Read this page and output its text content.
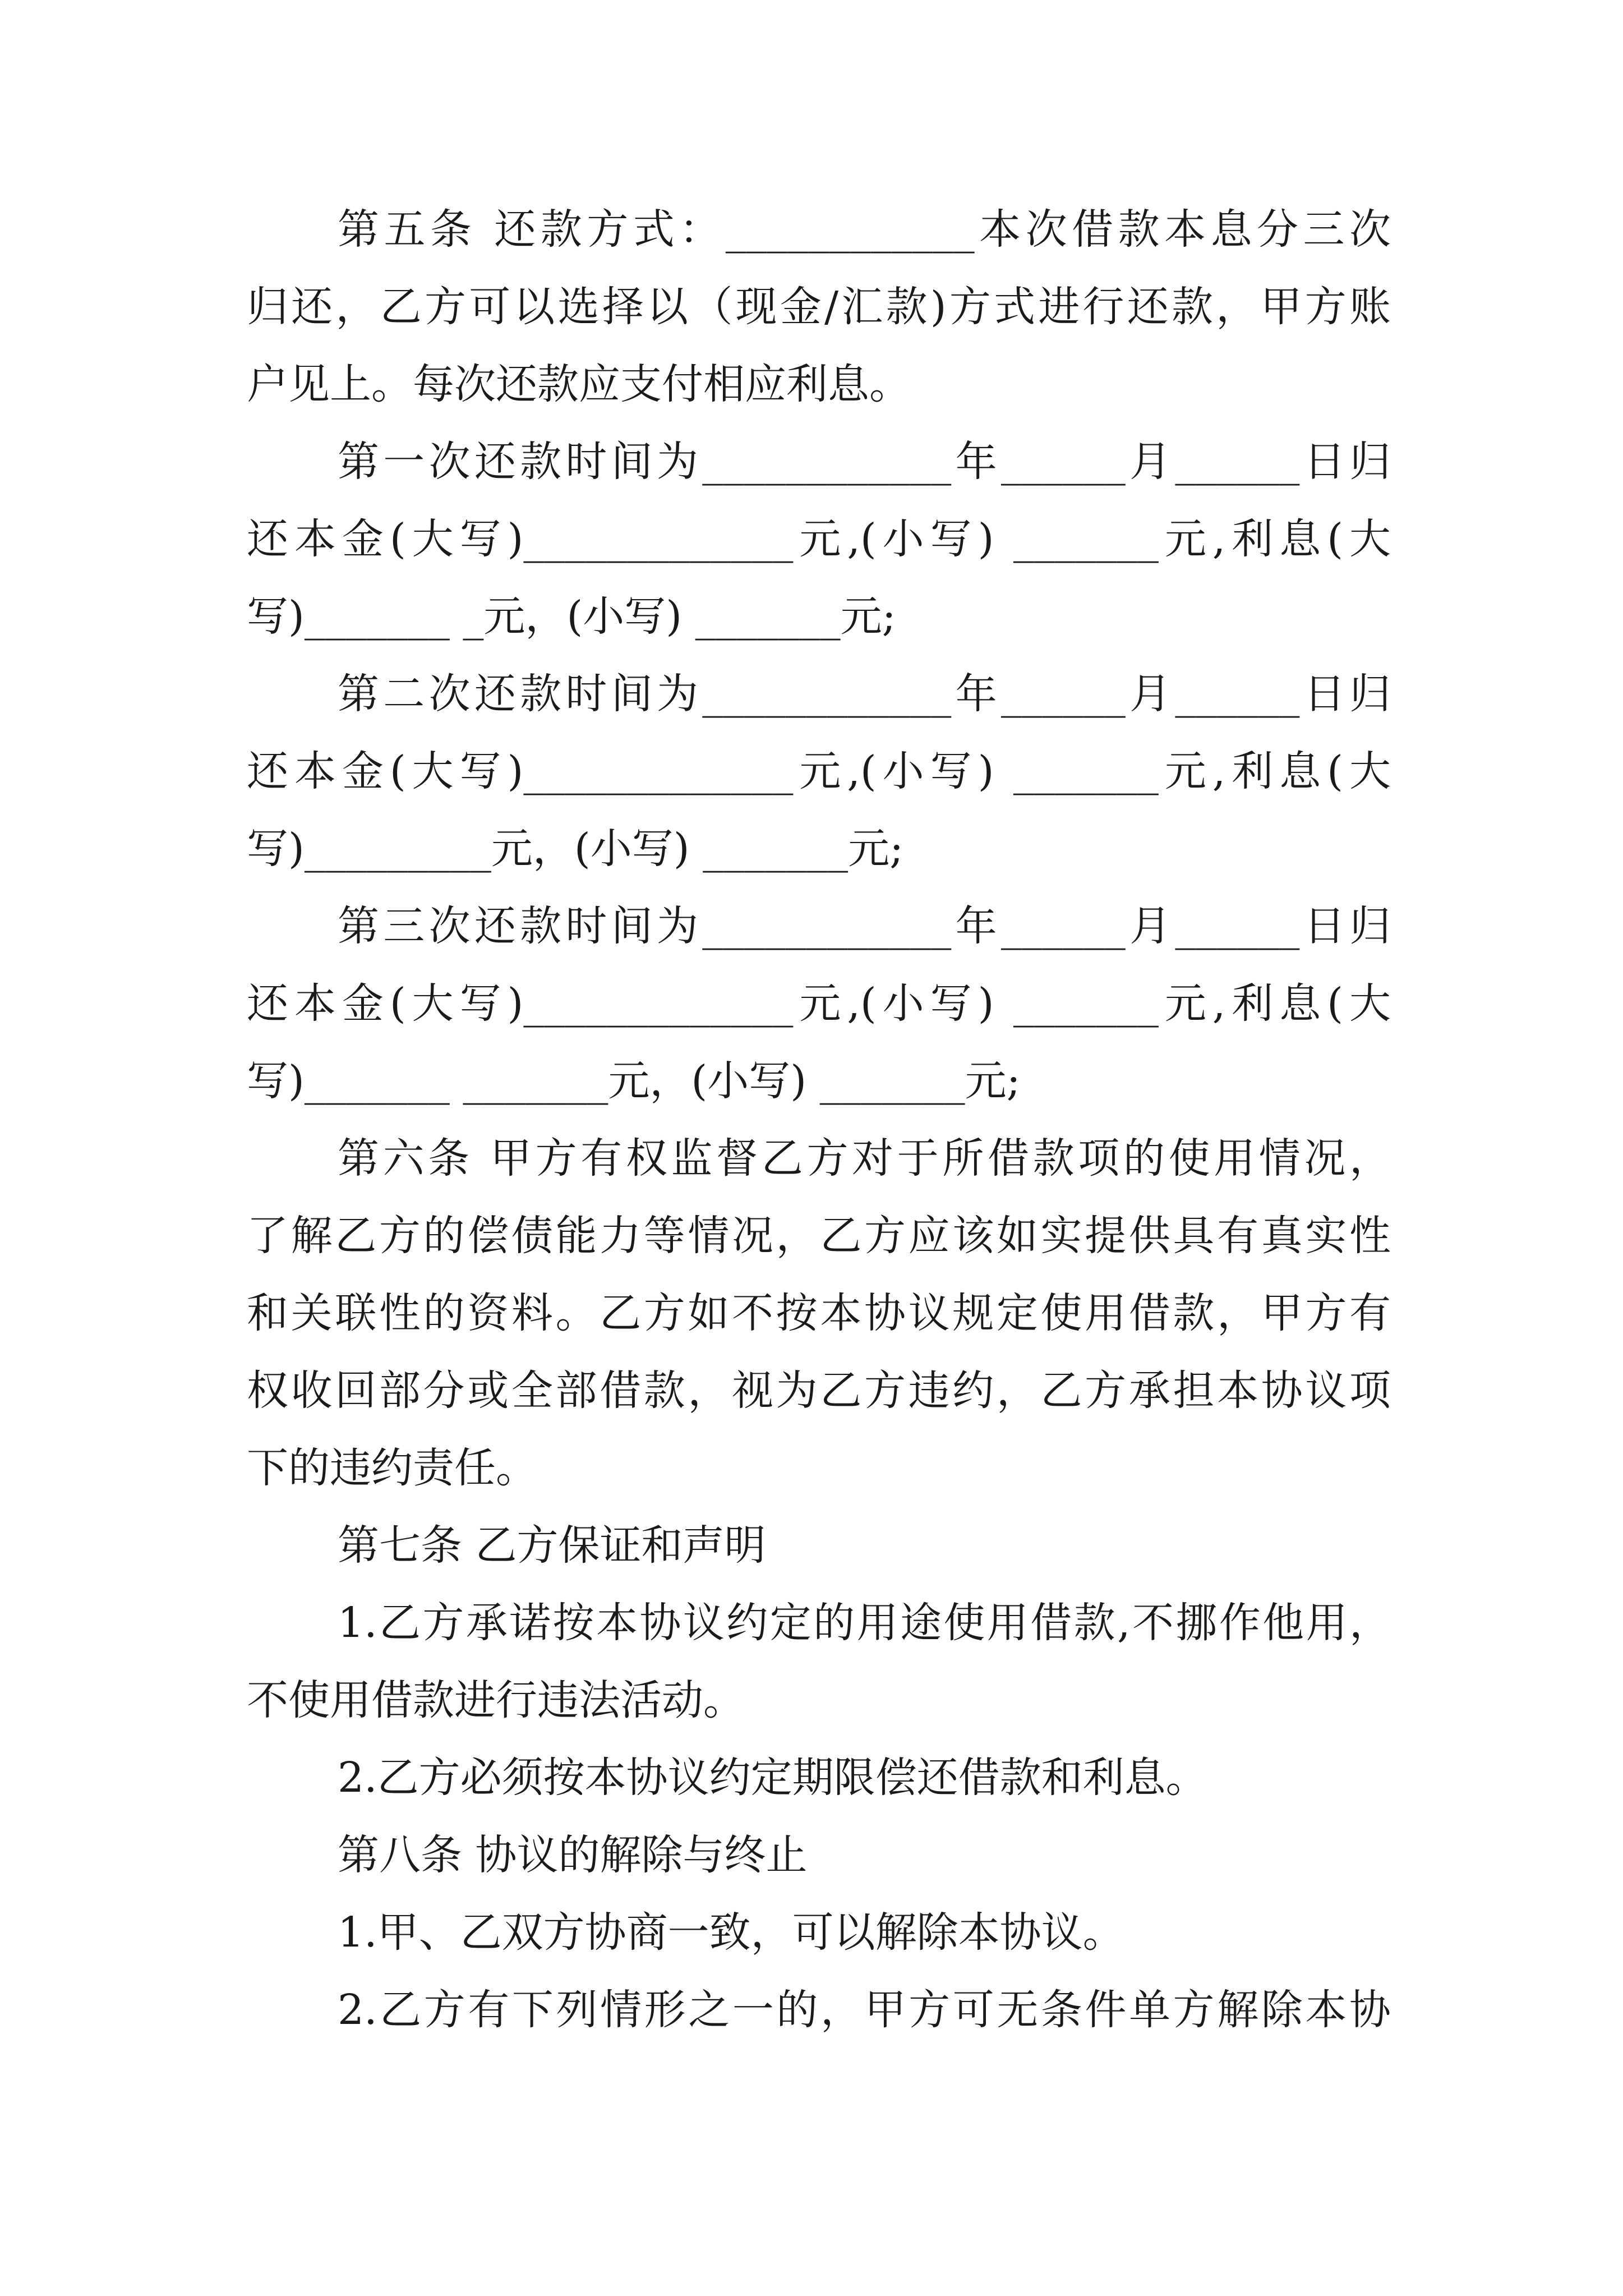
第五条 还款方式：____________本次借款本息分三次
归还，乙方可以选择以（现金/汇款)方式进行还款，甲方账
户见上。每次还款应支付相应利息。
第一次还款时间为____________年______月______日归
还本金(大写)_____________元,(小写) _______元,利息(大
写)_______ _元，(小写) _______元;
第二次还款时间为____________年______月______日归
还本金(大写)_____________元,(小写) _______元,利息(大
写)_________元，(小写) _______元;
第三次还款时间为____________年______月______日归
还本金(大写)_____________元,(小写) _______元,利息(大
写)_______ _______元，(小写) _______元;
第六条 甲方有权监督乙方对于所借款项的使用情况，
了解乙方的偿债能力等情况，乙方应该如实提供具有真实性
和关联性的资料。乙方如不按本协议规定使用借款，甲方有
权收回部分或全部借款，视为乙方违约，乙方承担本协议项
下的违约责任。
第七条 乙方保证和声明
1.乙方承诺按本协议约定的用途使用借款,不挪作他用，
不使用借款进行违法活动。
2.乙方必须按本协议约定期限偿还借款和利息。
第八条 协议的解除与终止
1.甲、乙双方协商一致，可以解除本协议。
2.乙方有下列情形之一的，甲方可无条件单方解除本协
